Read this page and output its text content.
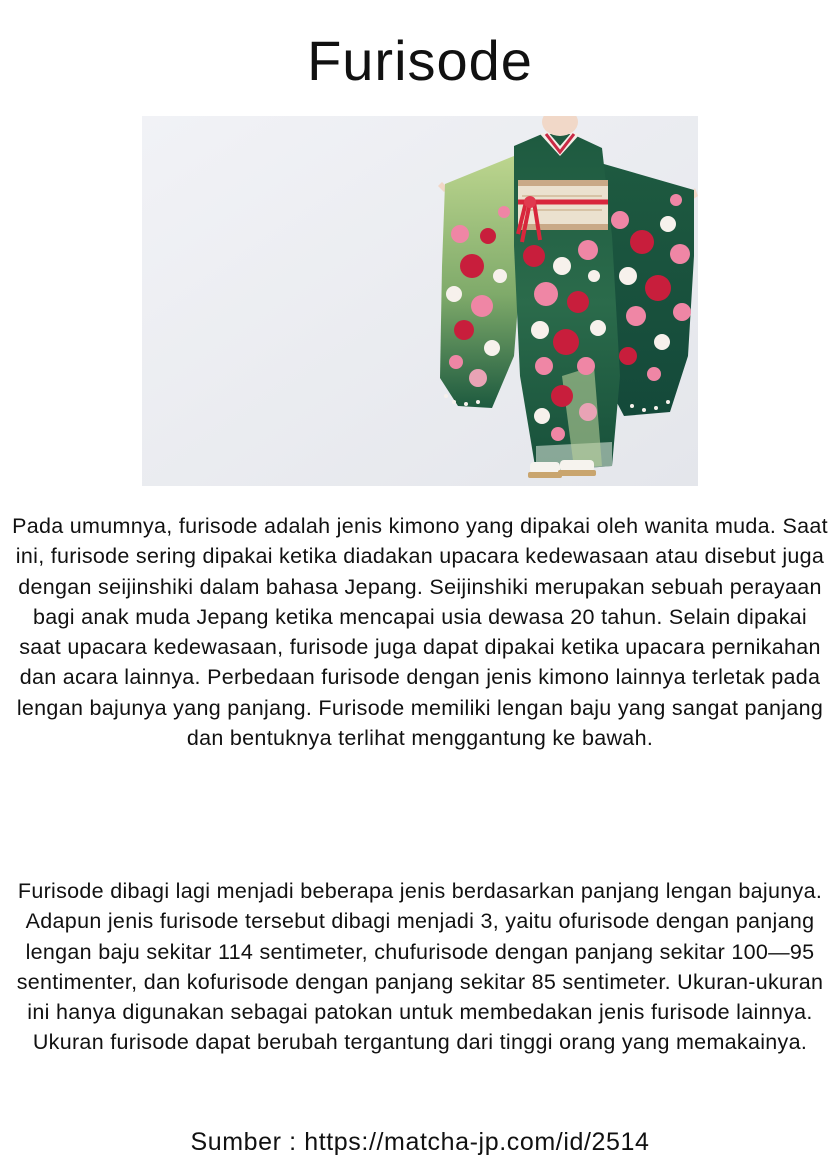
Furisode

Pada umumnya, furisode adalah jenis kimono yang dipakai oleh wanita muda. Saat ini, furisode sering dipakai ketika diadakan upacara kedewasaan atau disebut juga dengan seijinshiki dalam bahasa Jepang. Seijinshiki merupakan sebuah perayaan bagi anak muda Jepang ketika mencapai usia dewasa 20 tahun. Selain dipakai saat upacara kedewasaan, furisode juga dapat dipakai ketika upacara pernikahan dan acara lainnya. Perbedaan furisode dengan jenis kimono lainnya terletak pada lengan bajunya yang panjang. Furisode memiliki lengan baju yang sangat panjang dan bentuknya terlihat menggantung ke bawah.

Furisode dibagi lagi menjadi beberapa jenis berdasarkan panjang lengan bajunya. Adapun jenis furisode tersebut dibagi menjadi 3, yaitu ofurisode dengan panjang lengan baju sekitar 114 sentimeter, chufurisode dengan panjang sekitar 100—95 sentimenter, dan kofurisode dengan panjang sekitar 85 sentimeter. Ukuran-ukuran ini hanya digunakan sebagai patokan untuk membedakan jenis furisode lainnya. Ukuran furisode dapat berubah tergantung dari tinggi orang yang memakainya.

Sumber : https://matcha-jp.com/id/2514
